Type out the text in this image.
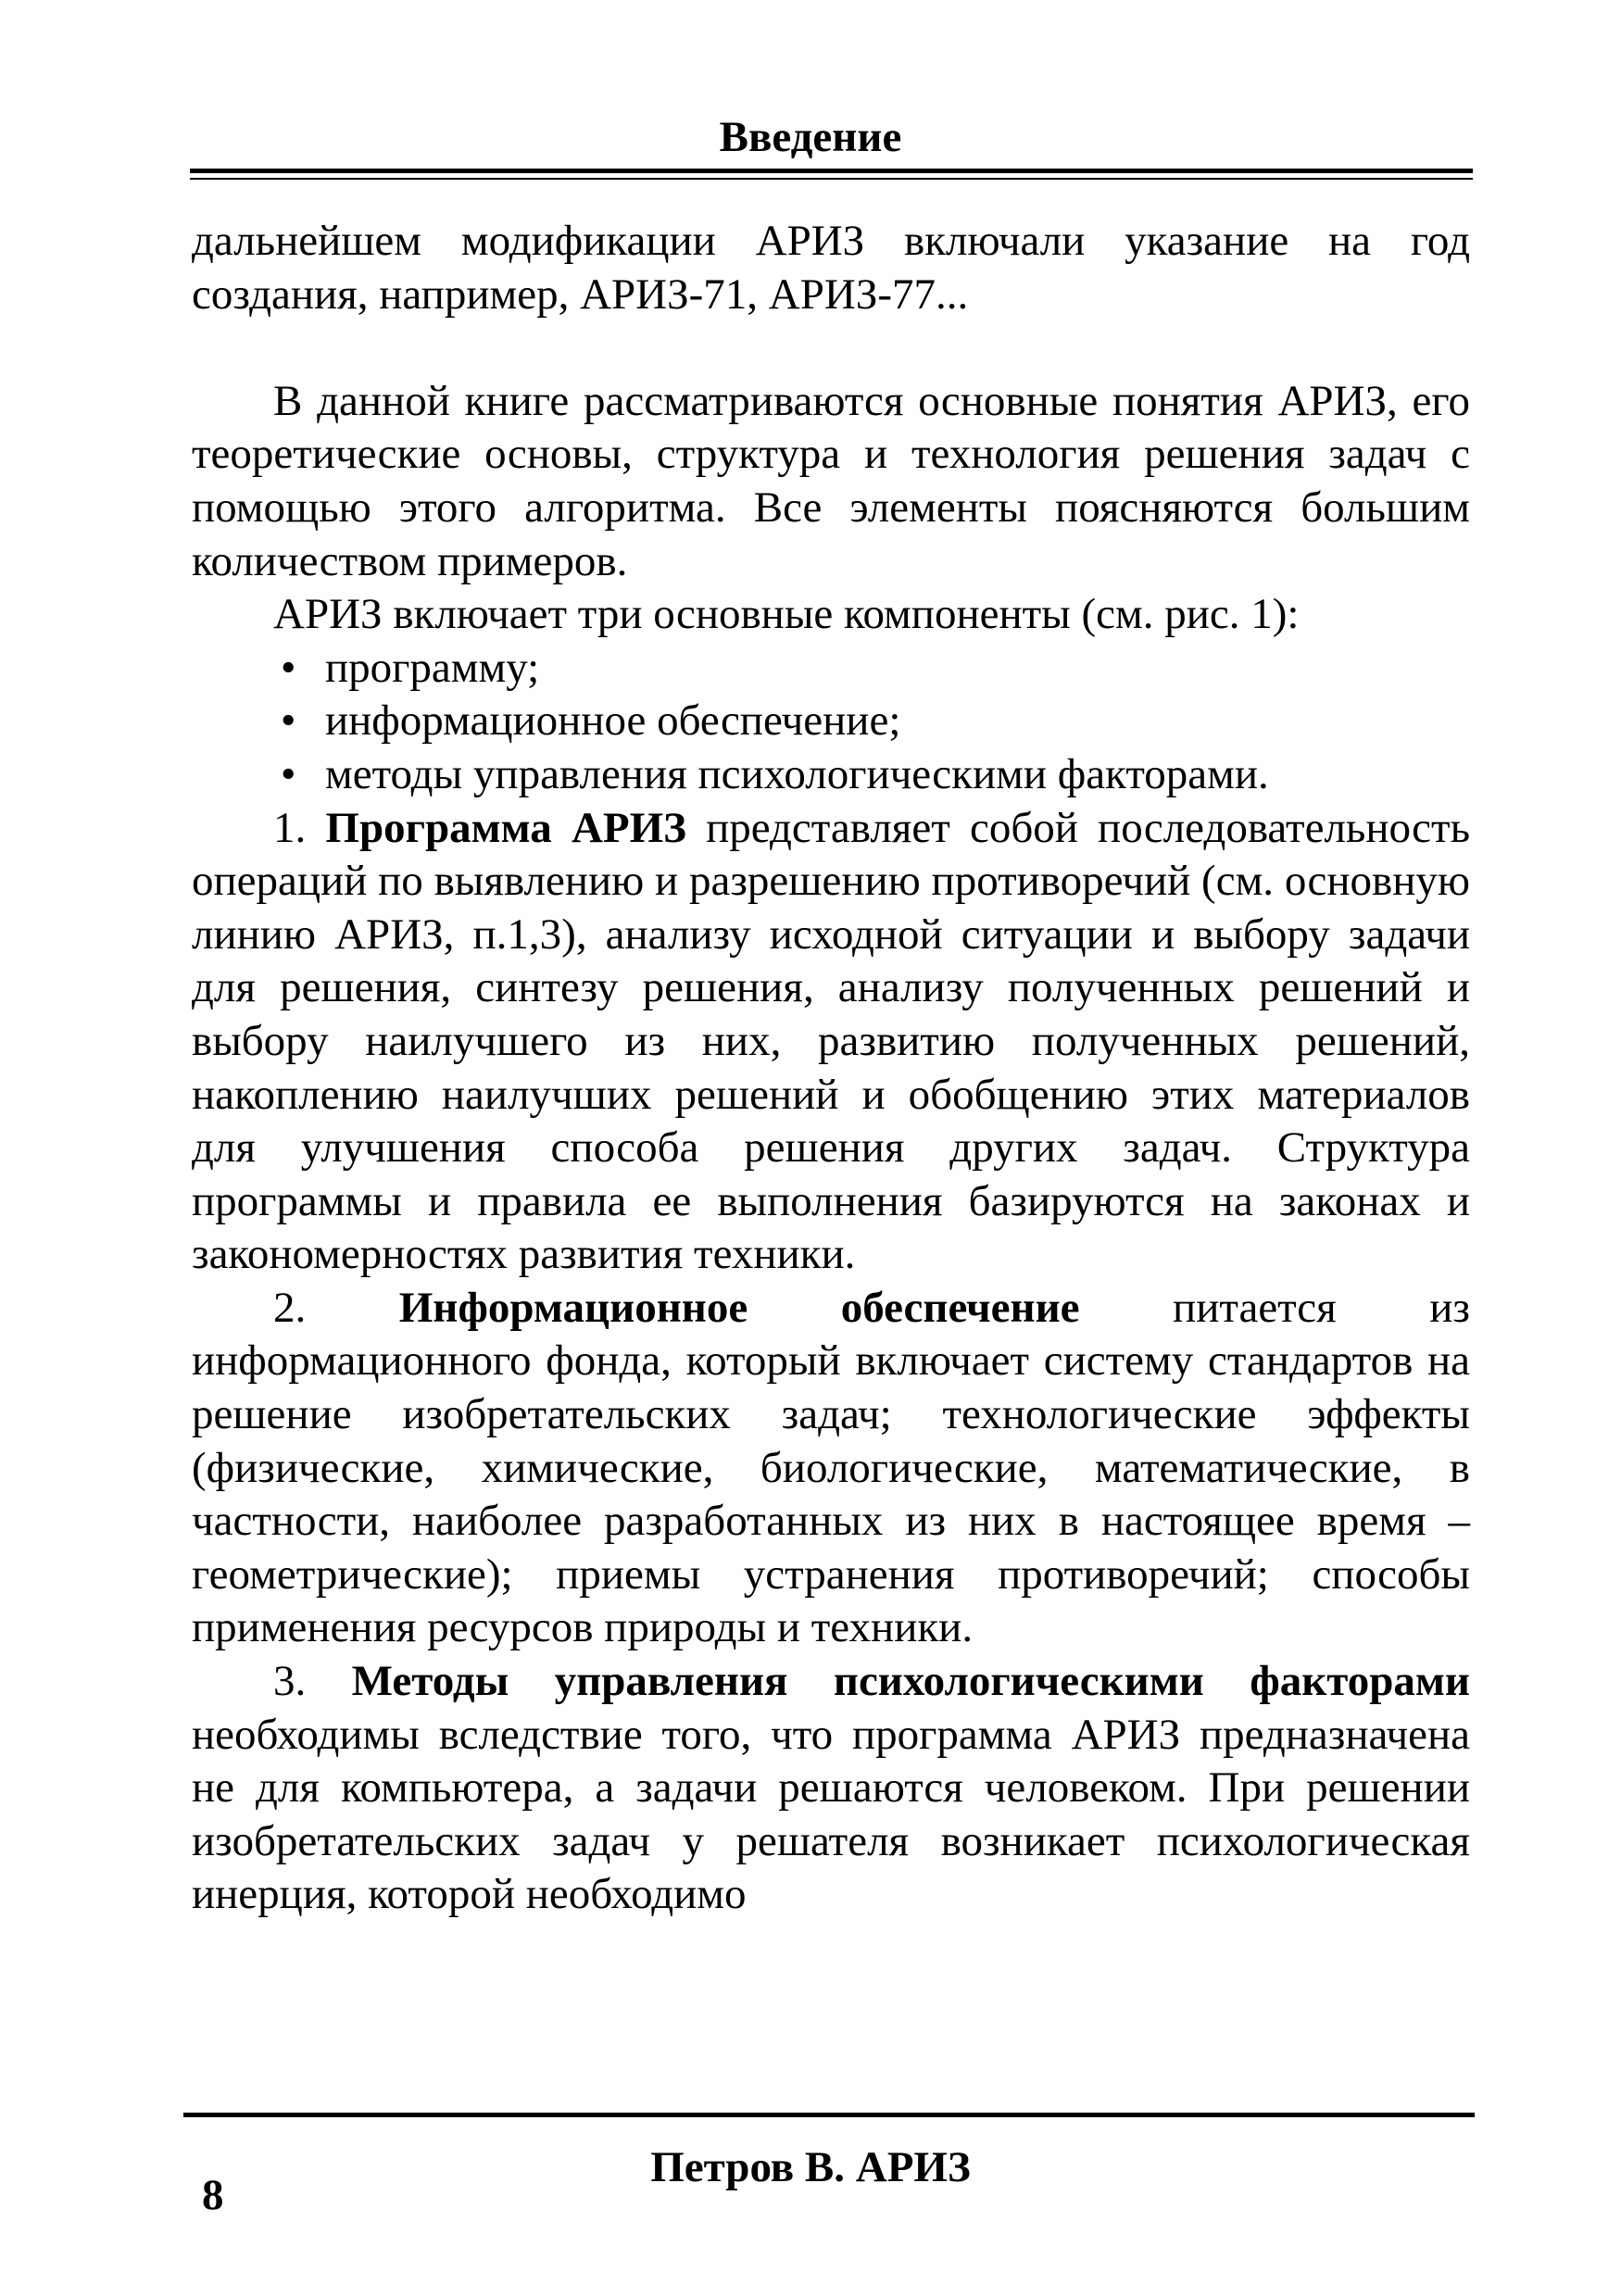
Введение

дальнейшем модификации АРИЗ включали указание на год создания, например, АРИЗ-71, АРИЗ-77...

В данной книге рассматриваются основные понятия АРИЗ, его теоретические основы, структура и технология решения задач с помощью этого алгоритма. Все элементы поясняются большим количеством примеров.

АРИЗ включает три основные компоненты (см. рис. 1):

• программу;
• информационное обеспечение;
• методы управления психологическими факторами.

1. Программа АРИЗ представляет собой последовательность операций по выявлению и разрешению противоречий (см. основную линию АРИЗ, п.1,3), анализу исходной ситуации и выбору задачи для решения, синтезу решения, анализу полученных решений и выбору наилучшего из них, развитию полученных решений, накоплению наилучших решений и обобщению этих материалов для улучшения способа решения других задач. Структура программы и правила ее выполнения базируются на законах и закономерностях развития техники.

2. Информационное обеспечение питается из информационного фонда, который включает систему стандартов на решение изобретательских задач; технологические эффекты (физические, химические, биологические, математические, в частности, наиболее разработанных из них в настоящее время – геометрические); приемы устранения противоречий; способы применения ресурсов природы и техники.

3. Методы управления психологическими факторами необходимы вследствие того, что программа АРИЗ предназначена не для компьютера, а задачи решаются человеком. При решении изобретательских задач у решателя возникает психологическая инерция, которой необходимо

Петров В. АРИЗ
8
